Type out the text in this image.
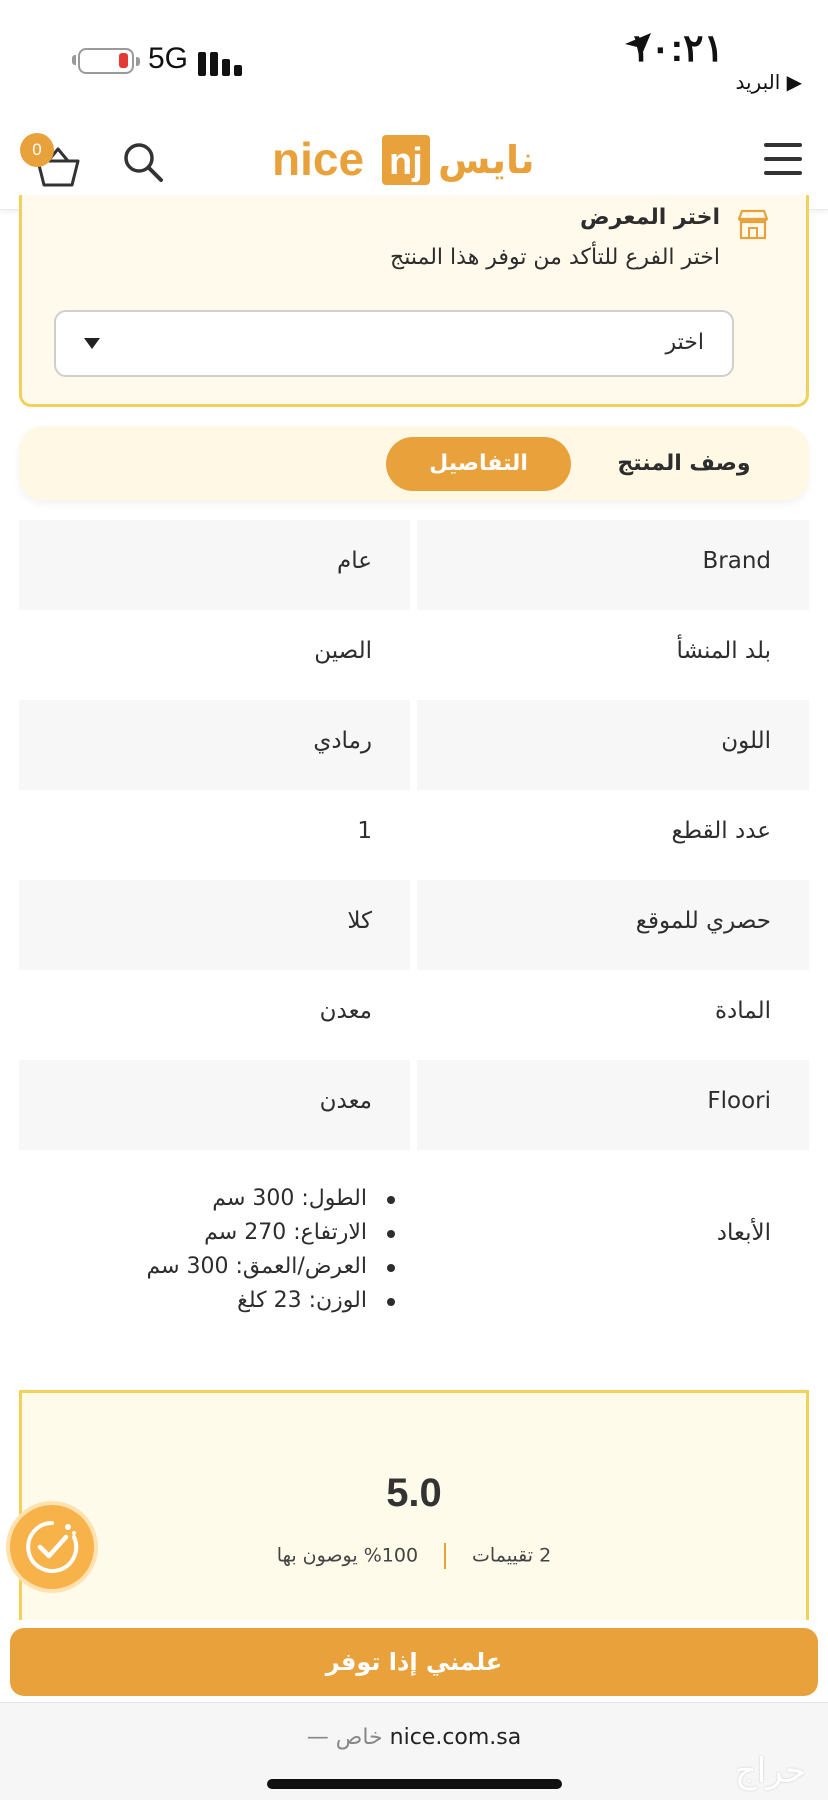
5G	١٠:٢١
▶ البريد
0	nice nj نايس
اختر المعرض
اختر الفرع للتأكد من توفر هذا المنتج
اختر
وصف المنتج
التفاصيل
Brand
عام
بلد المنشأ
الصين
اللون
رمادي
عدد القطع
1
حصري للموقع
كلا
المادة
معدن
Floori
معدن
الأبعاد
الطول: 300 سم
الارتفاع: 270 سم
العرض/العمق: 300 سم
الوزن: 23 كلغ
5.0
2 تقييمات100% يوصون بها
علمني إذا توفر
خاص — nice.com.sa
حراج
